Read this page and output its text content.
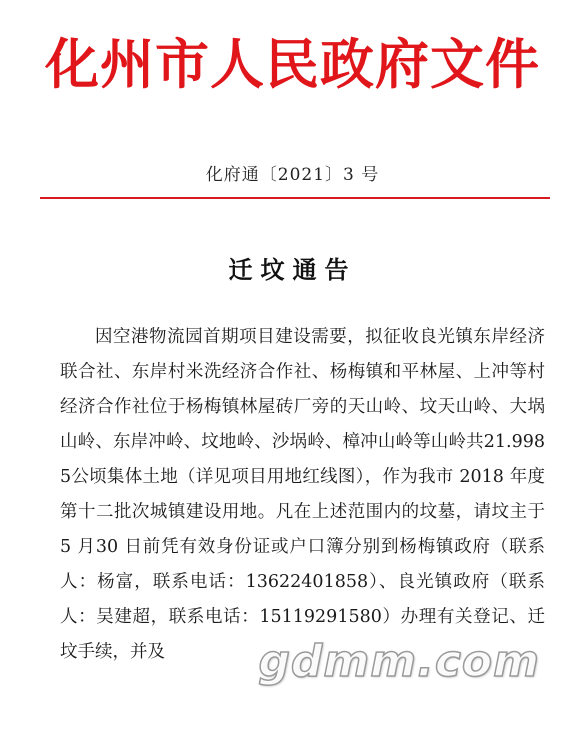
化州市人民政府文件
化府通〔2021〕3 号
迁坟通告

因空港物流园首期项目建设需要，拟征收良光镇东岸经济联合社、东岸村米洗经济合作社、杨梅镇和平林屋、上冲等村经济合作社位于杨梅镇林屋砖厂旁的天山岭、坟天山岭、大埚山岭、东岸冲岭、坟地岭、沙埚岭、樟冲山岭等山岭共21.9985公顷集体土地（详见项目用地红线图），作为我市 2018 年度第十二批次城镇建设用地。凡在上述范围内的坟墓，请坟主于 5 月30 日前凭有效身份证或户口簿分别到杨梅镇政府（联系人：杨富，联系电话：13622401858）、良光镇政府（联系人：吴建超，联系电话：15119291580）办理有关登记、迁坟手续，并及	gdmm.com
